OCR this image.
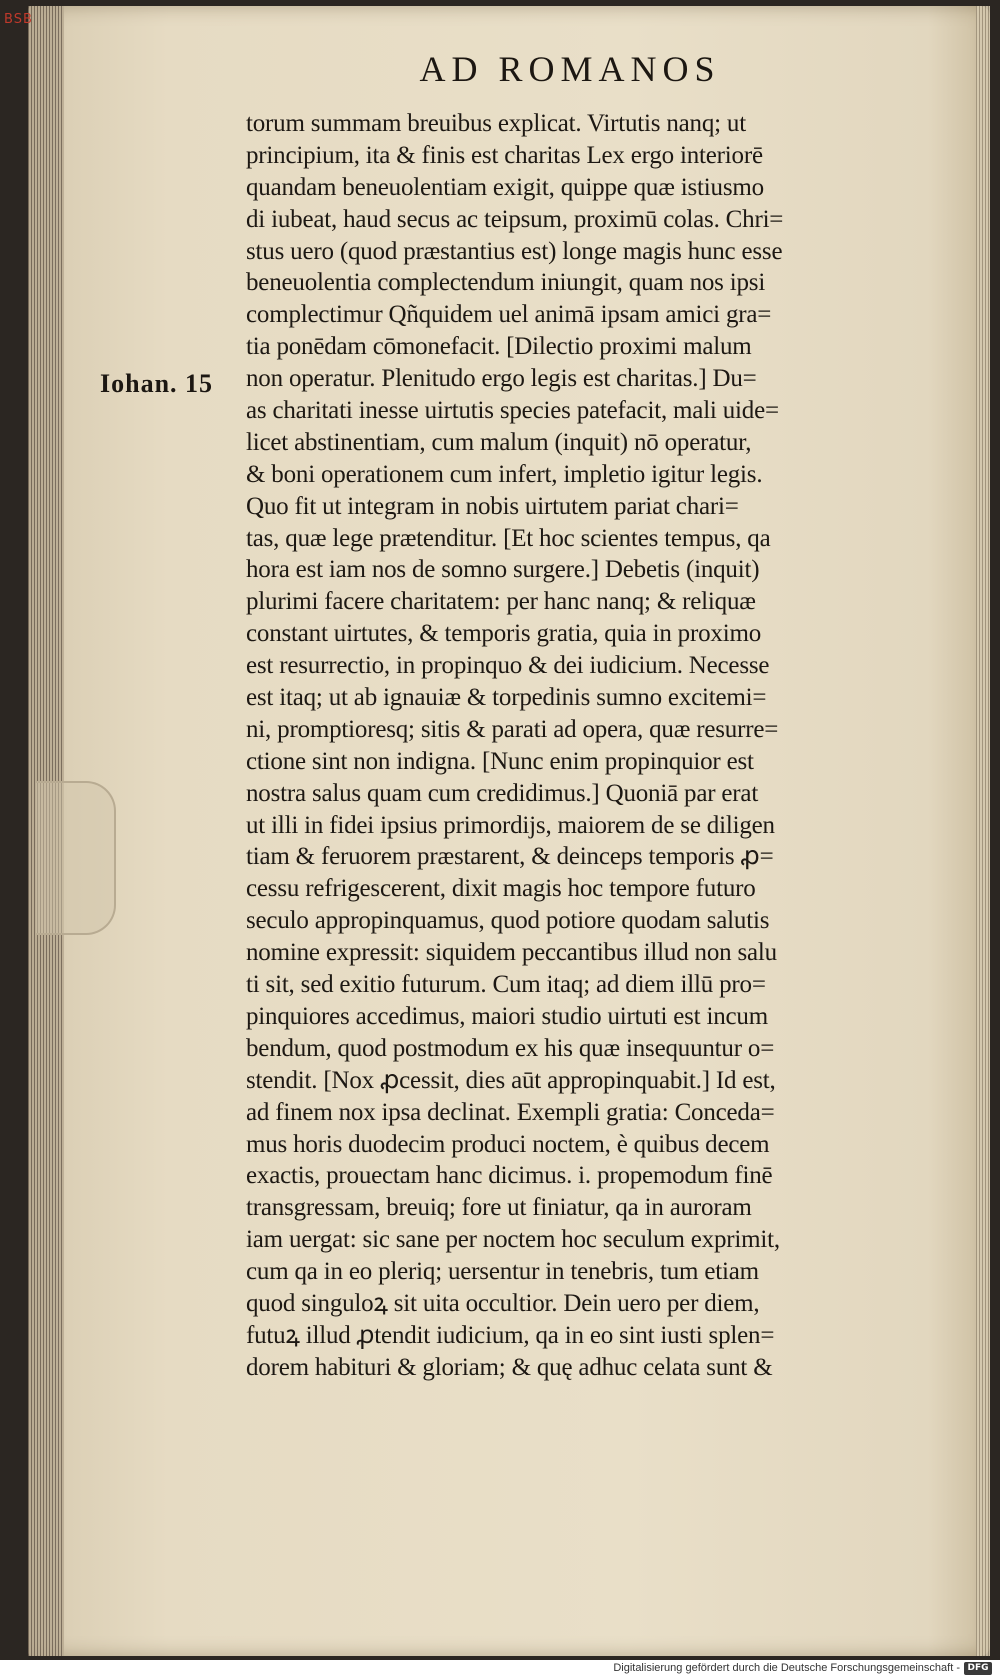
BSB
AD ROMANOS
Iohan. 15
torum summam breuibus explicat. Virtutis nanq; ut
principium, ita & finis est charitas Lex ergo interiorē
quandam beneuolentiam exigit, quippe quæ istiusmo
di iubeat, haud secus ac teipsum, proximū colas. Chri=
stus uero (quod præstantius est) longe magis hunc esse
beneuolentia complectendum iniungit, quam nos ipsi
complectimur Qñquidem uel animā ipsam amici gra=
tia ponēdam cōmonefacit. [Dilectio proximi malum
non operatur. Plenitudo ergo legis est charitas.] Du=
as charitati inesse uirtutis species patefacit, mali uide=
licet abstinentiam, cum malum (inquit) nō operatur,
& boni operationem cum infert, impletio igitur legis.
Quo fit ut integram in nobis uirtutem pariat chari=
tas, quæ lege prætenditur. [Et hoc scientes tempus, qa
hora est iam nos de somno surgere.] Debetis (inquit)
plurimi facere charitatem: per hanc nanq; & reliquæ
constant uirtutes, & temporis gratia, quia in proximo
est resurrectio, in propinquo & dei iudicium. Necesse
est itaq; ut ab ignauiæ & torpedinis sumno excitemi=
ni, promptioresq; sitis & parati ad opera, quæ resurre=
ctione sint non indigna. [Nunc enim propinquior est
nostra salus quam cum credidimus.] Quoniā par erat
ut illi in fidei ipsius primordijs, maiorem de se diligen
tiam & feruorem præstarent, & deinceps temporis ꝓ=
cessu refrigescerent, dixit magis hoc tempore futuro
seculo appropinquamus, quod potiore quodam salutis
nomine expressit: siquidem peccantibus illud non salu
ti sit, sed exitio futurum. Cum itaq; ad diem illū pro=
pinquiores accedimus, maiori studio uirtuti est incum
bendum, quod postmodum ex his quæ insequuntur o=
stendit. [Nox ꝓcessit, dies aūt appropinquabit.] Id est,
ad finem nox ipsa declinat. Exempli gratia: Conceda=
mus horis duodecim produci noctem, è quibus decem
exactis, prouectam hanc dicimus. i. propemodum finē
transgressam, breuiq; fore ut finiatur, qa in auroram
iam uergat: sic sane per noctem hoc seculum exprimit,
cum qa in eo pleriq; uersentur in tenebris, tum etiam
quod singuloꝝ sit uita occultior. Dein uero per diem,
futuꝝ illud ꝓtendit iudicium, qa in eo sint iusti splen=
dorem habituri & gloriam; & quę adhuc celata sunt &
Digitalisierung gefördert durch die Deutsche Forschungsgemeinschaft - DFG
